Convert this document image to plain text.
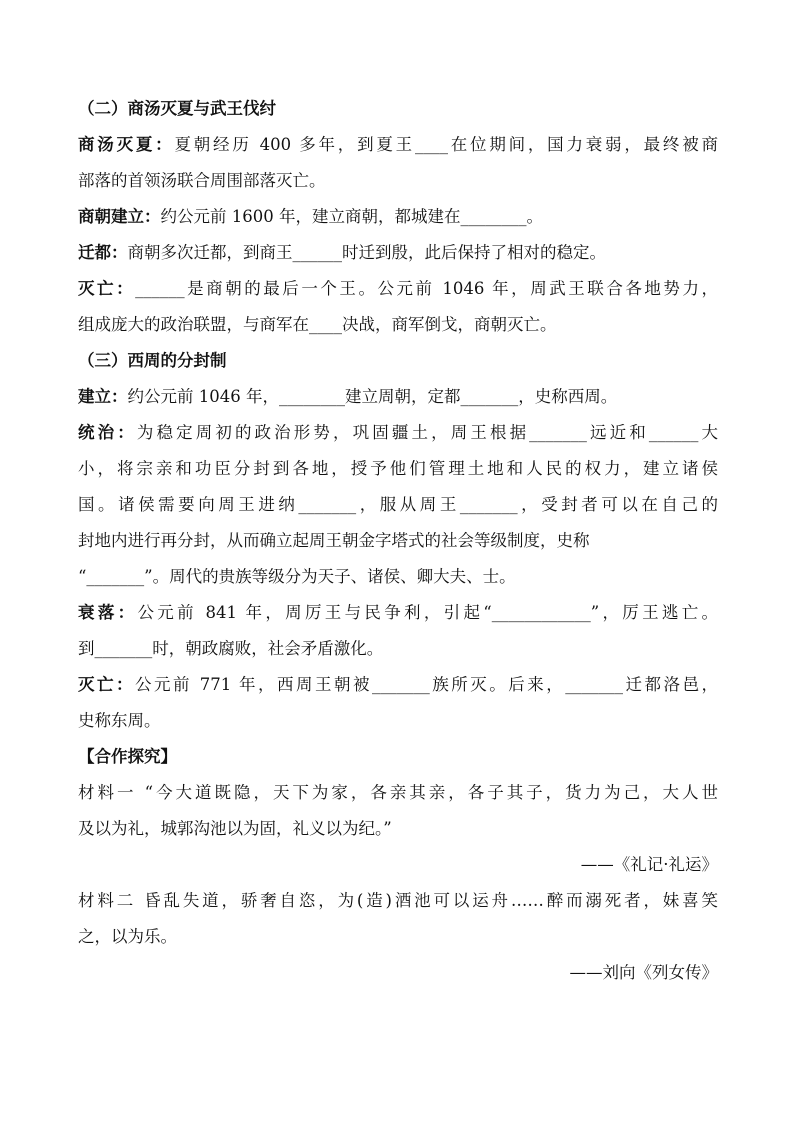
（二）商汤灭夏与武王伐纣
商汤灭夏：夏朝经历 400 多年，到夏王____在位期间，国力衰弱，最终被商
部落的首领汤联合周围部落灭亡。
商朝建立：约公元前 1600 年，建立商朝，都城建在________。
迁都：商朝多次迁都，到商王______时迁到殷，此后保持了相对的稳定。
灭亡：______是商朝的最后一个王。公元前 1046 年，周武王联合各地势力，
组成庞大的政治联盟，与商军在____决战，商军倒戈，商朝灭亡。
（三）西周的分封制
建立：约公元前 1046 年，________建立周朝，定都_______，史称西周。
统治：为稳定周初的政治形势，巩固疆土，周王根据_______远近和______大
小，将宗亲和功臣分封到各地，授予他们管理土地和人民的权力，建立诸侯
国。诸侯需要向周王进纳_______，服从周王_______，受封者可以在自己的
封地内进行再分封，从而确立起周王朝金字塔式的社会等级制度，史称
“_______”。周代的贵族等级分为天子、诸侯、卿大夫、士。
衰落：公元前 841 年，周厉王与民争利，引起“____________”，厉王逃亡。
到_______时，朝政腐败，社会矛盾激化。
灭亡：公元前 771 年，西周王朝被_______族所灭。后来，_______迁都洛邑，
史称东周。
【合作探究】
材料一 “今大道既隐，天下为家，各亲其亲，各子其子，货力为己，大人世
及以为礼，城郭沟池以为固，礼义以为纪。”
——《礼记·礼运》
材料二 昏乱失道，骄奢自恣，为(造)酒池可以运舟……醉而溺死者，妹喜笑
之，以为乐。
——刘向《列女传》
